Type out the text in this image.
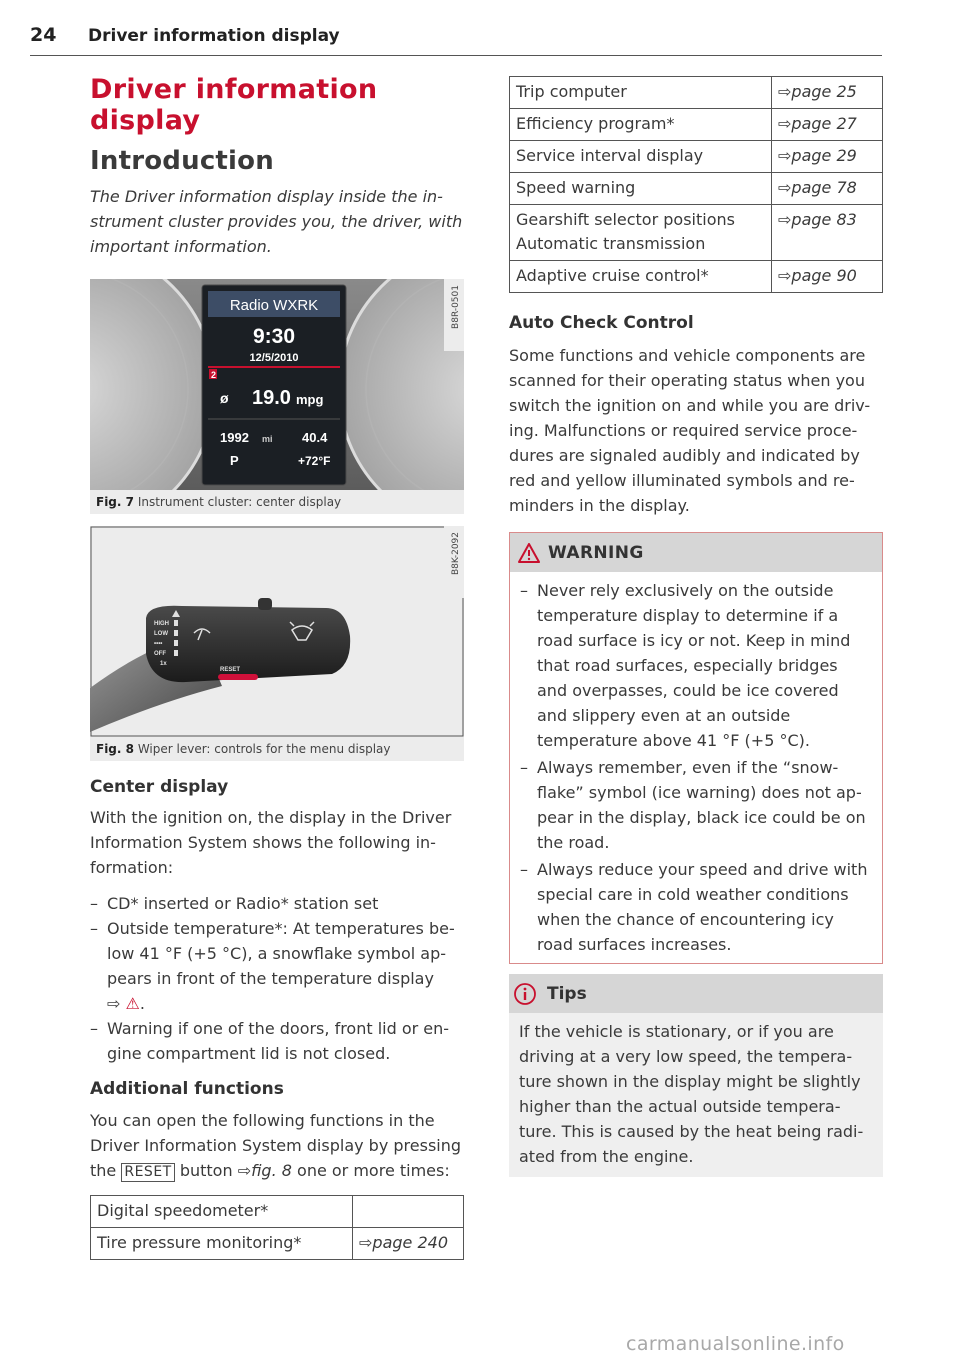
24 Driver information display
Driver information display
Introduction

The Driver information display inside the in-strument cluster provides you, the driver, with important information.

Radio WXRK
9:30
12/5/2010
2
ø 19.0 mpg
1992 mi 40.4
P	+72°F
B8R-0501
Fig. 7 Instrument cluster: center display
HIGH
LOW
••••
OFF
1x
RESET
B8K-2092
Fig. 8 Wiper lever: controls for the menu display
Center display

With the ignition on, the display in the Driver Information System shows the following in-formation:

– CD* inserted or Radio* station set
– Outside temperature*: At temperatures be-low 41 °F (+5 °C), a snowflake symbol ap-pears in front of the temperature display
⇨ ⚠.
– Warning if one of the doors, front lid or en-gine compartment lid is not closed.
Additional functions

You can open the following functions in the Driver Information System display by pressing the RESET button ⇨fig. 8 one or more times:

Digital speedometer*	
Tire pressure monitoring*	⇨page 240
Trip computer	⇨page 25
Efficiency program*	⇨page 27
Service interval display	⇨page 29
Speed warning	⇨page 78
Gearshift selector positions
Automatic transmission	⇨page 83
Adaptive cruise control*	⇨page 90
Auto Check Control

Some functions and vehicle components are scanned for their operating status when you switch the ignition on and while you are driv-ing. Malfunctions or required service proce-dures are signaled audibly and indicated by red and yellow illuminated symbols and re-minders in the display.

WARNING
– Never rely exclusively on the outside temperature display to determine if a road surface is icy or not. Keep in mind that road surfaces, especially bridges and overpasses, could be ice covered and slippery even at an outside temperature above 41 °F (+5 °C).
– Always remember, even if the “snow-flake” symbol (ice warning) does not ap-pear in the display, black ice could be on the road.
– Always reduce your speed and drive with special care in cold weather conditions when the chance of encountering icy road surfaces increases.
Tips

If the vehicle is stationary, or if you are driving at a very low speed, the tempera-ture shown in the display might be slightly higher than the actual outside tempera-ture. This is caused by the heat being radi-ated from the engine.

carmanualsonline.info
